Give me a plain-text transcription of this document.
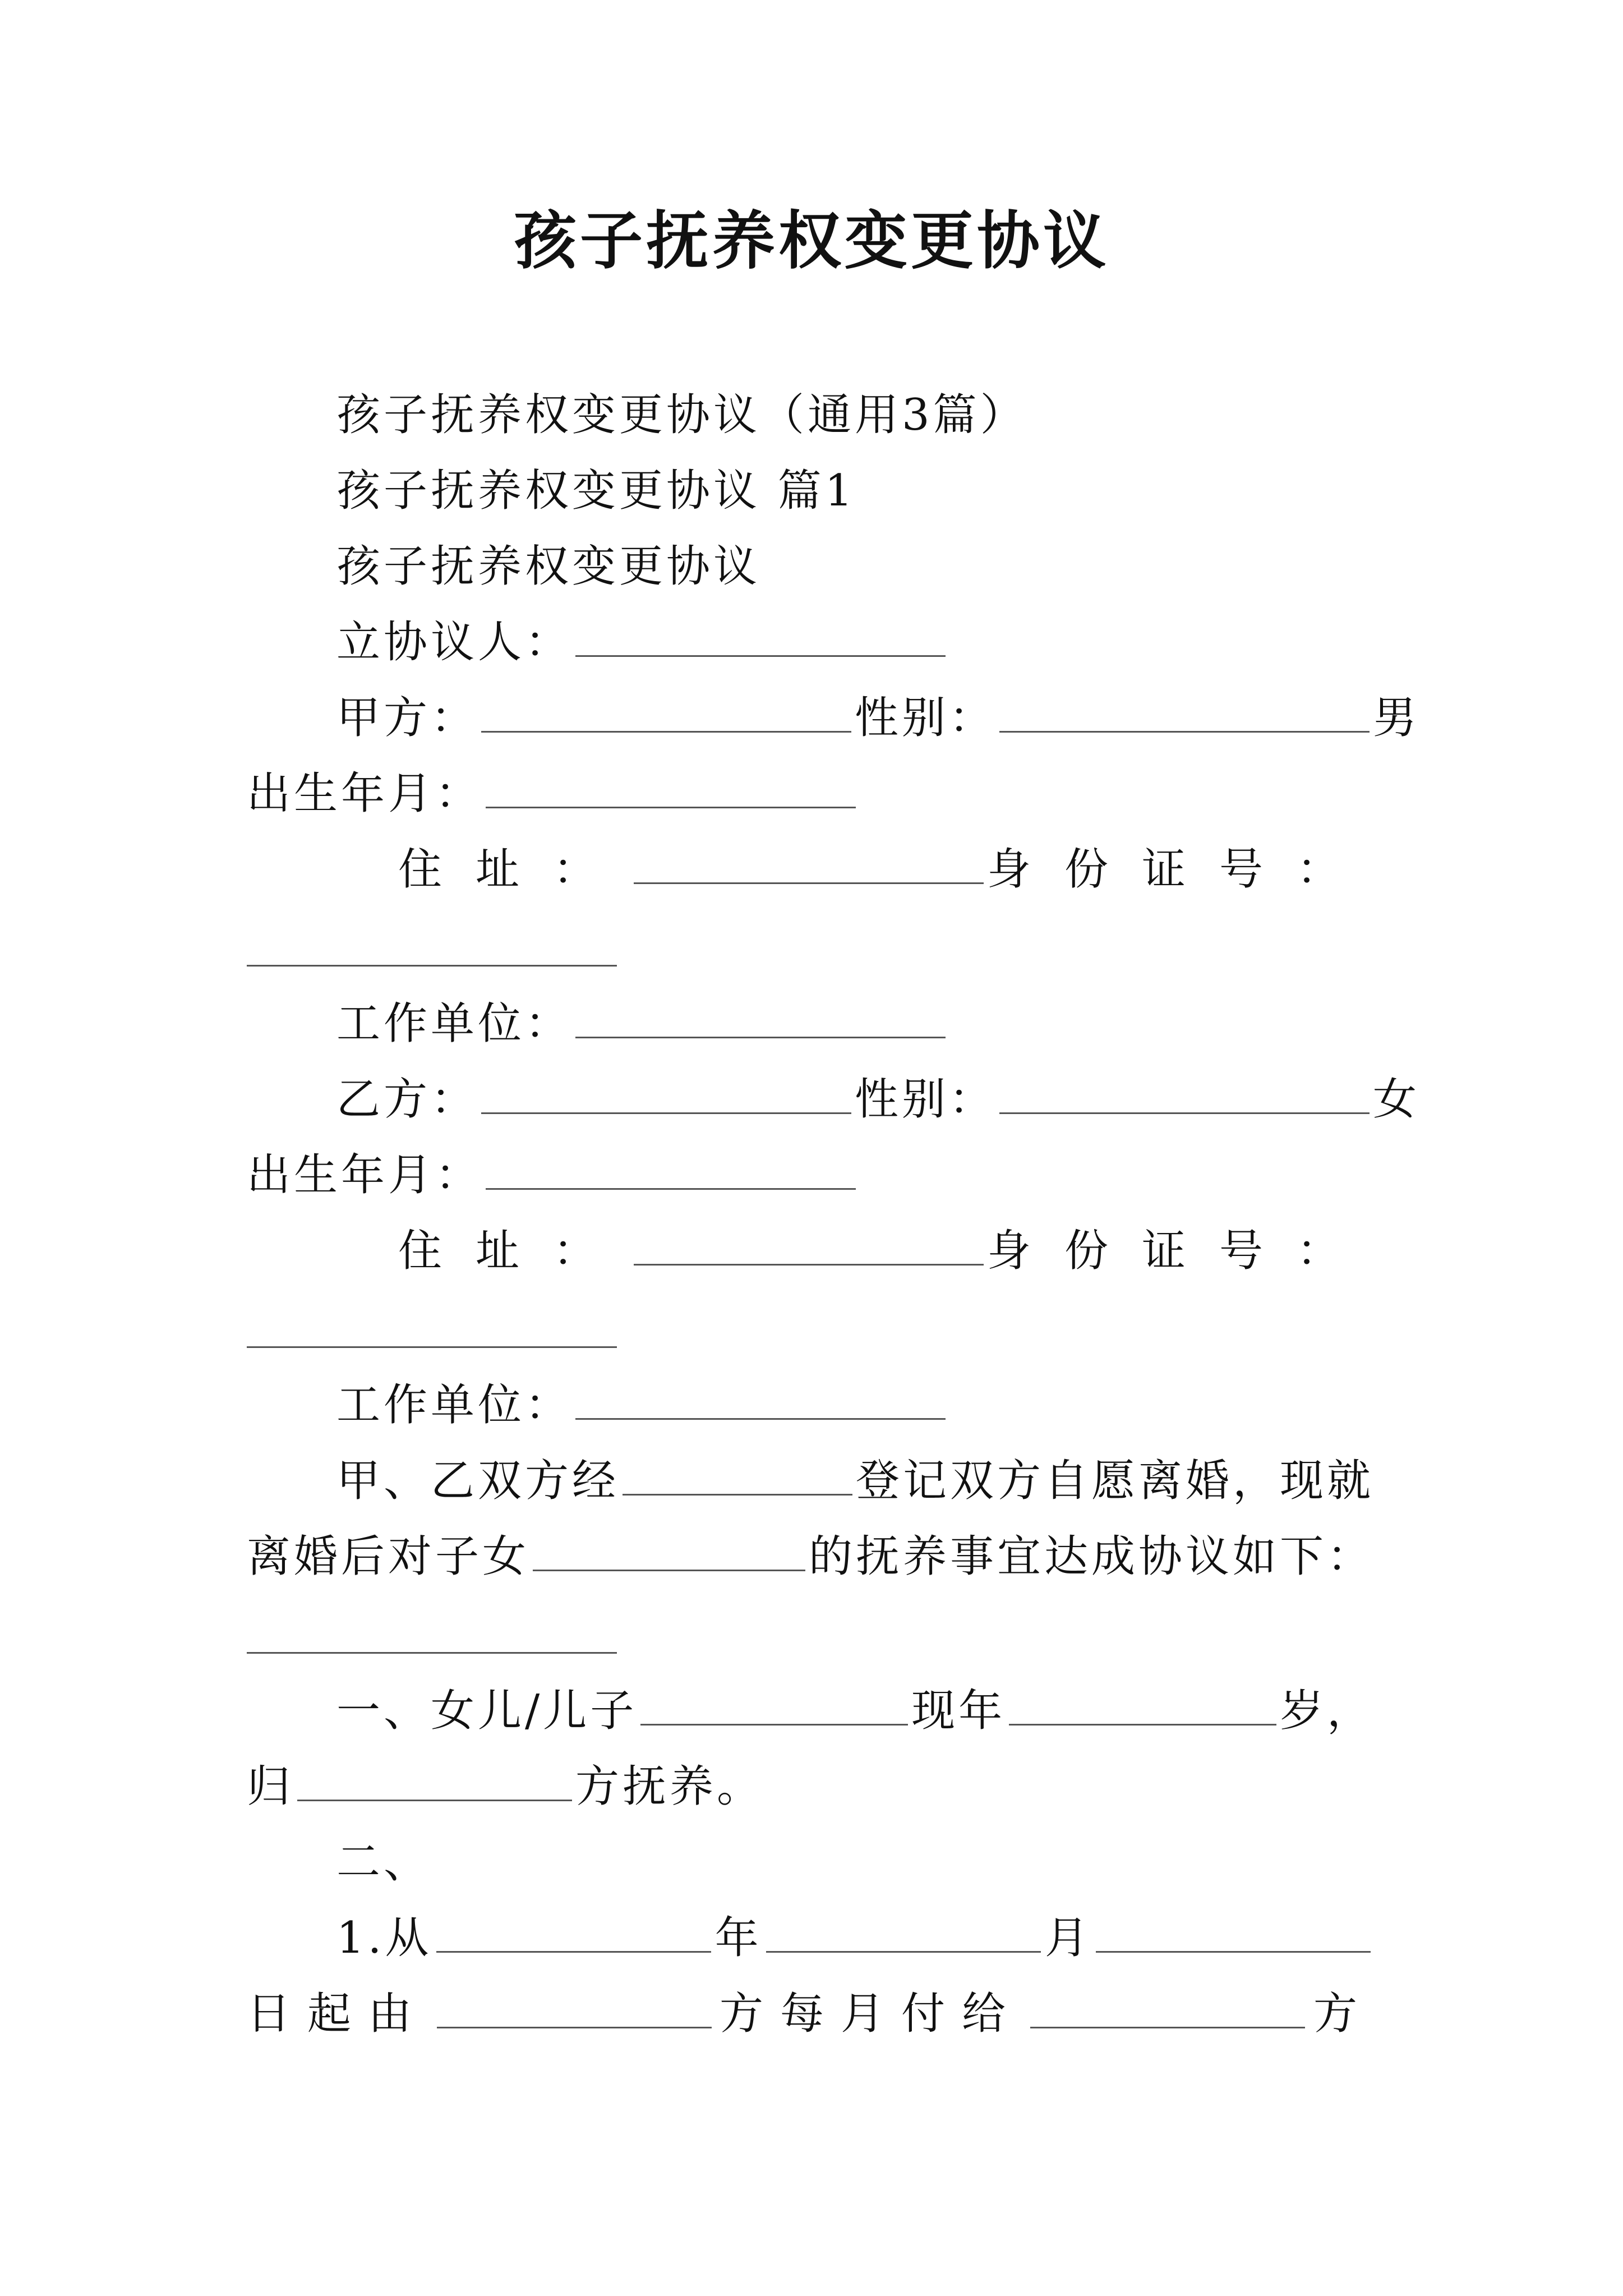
孩子抚养权变更协议
孩子抚养权变更协议（通用3篇）
孩子抚养权变更协议 篇1
孩子抚养权变更协议
立协议人：
甲方：	性别：	男
出生年月：
住址：	身份证号：
工作单位：
乙方：	性别：	女
出生年月：
住址：	身份证号：
工作单位：
甲、乙双方经	登记双方自愿离婚，现就
离婚后对子女	的抚养事宜达成协议如下：
一、女儿/儿子	现年	岁，
归	方抚养。
二、
1.从	年	月
日起由	方每月付给	方
